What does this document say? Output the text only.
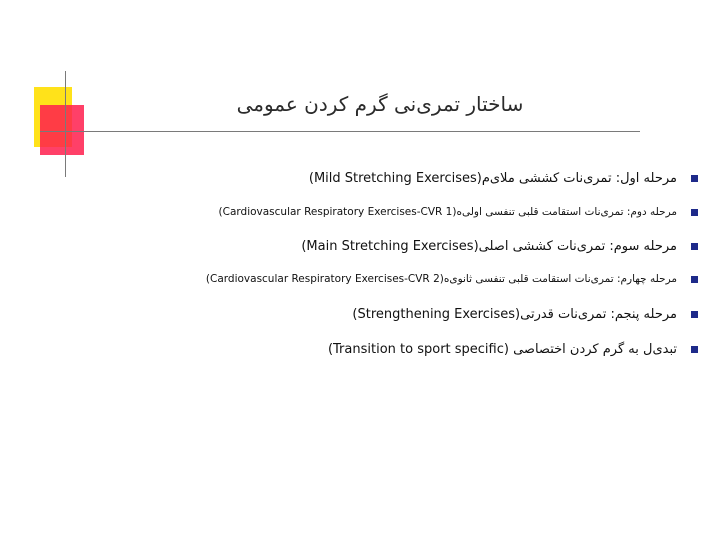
ساختار تمری‌نی گرم کردن عمومی
مرحله اول: تمری‌نات کششی ملای‌م(Mild Stretching Exercises)
مرحله دوم: تمری‌نات استقامت قلبی تنفسی اولی‌ه(Cardiovascular Respiratory Exercises-CVR 1)
مرحله سوم: تمری‌نات کششی اصلی(Main Stretching Exercises)
مرحله چهارم: تمری‌نات استقامت قلبی تنفسی ثانوی‌ه(Cardiovascular Respiratory Exercises-CVR 2)
مرحله پنجم: تمری‌نات قدرتی(Strengthening Exercises)
تبدی‌ل به گرم کردن اختصاصی (Transition to sport specific)
